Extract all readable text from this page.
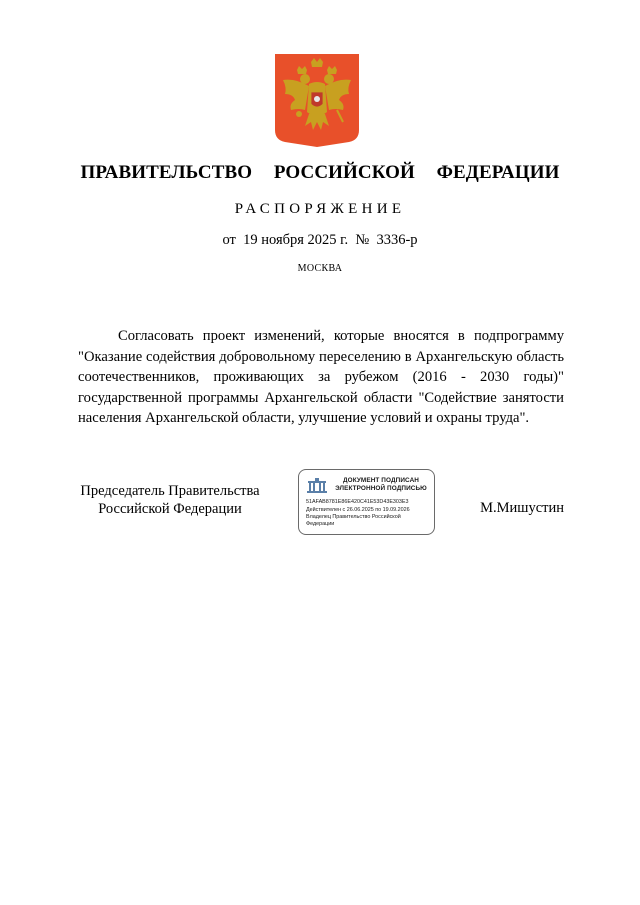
ПРАВИТЕЛЬСТВО  РОССИЙСКОЙ  ФЕДЕРАЦИИ
РАСПОРЯЖЕНИЕ
от  19 ноября 2025 г.  №  3336-р
МОСКВА

Согласовать проект изменений, которые вносятся в подпрограмму "Оказание содействия добровольному переселению в Архангельскую область соотечественников, проживающих за рубежом (2016 - 2030 годы)" государственной программы Архангельской области "Содействие занятости населения Архангельской области, улучшение условий и охраны труда".

Председатель Правительства
Российской Федерации
ДОКУМЕНТ ПОДПИСАН
ЭЛЕКТРОННОЙ ПОДПИСЬЮ
51AFAB8781E86E420C41E53D43E303E3
Действителен с 26.06.2025 по 19.09.2026
Владелец Правительство Российской
Федерации
М.Мишустин
